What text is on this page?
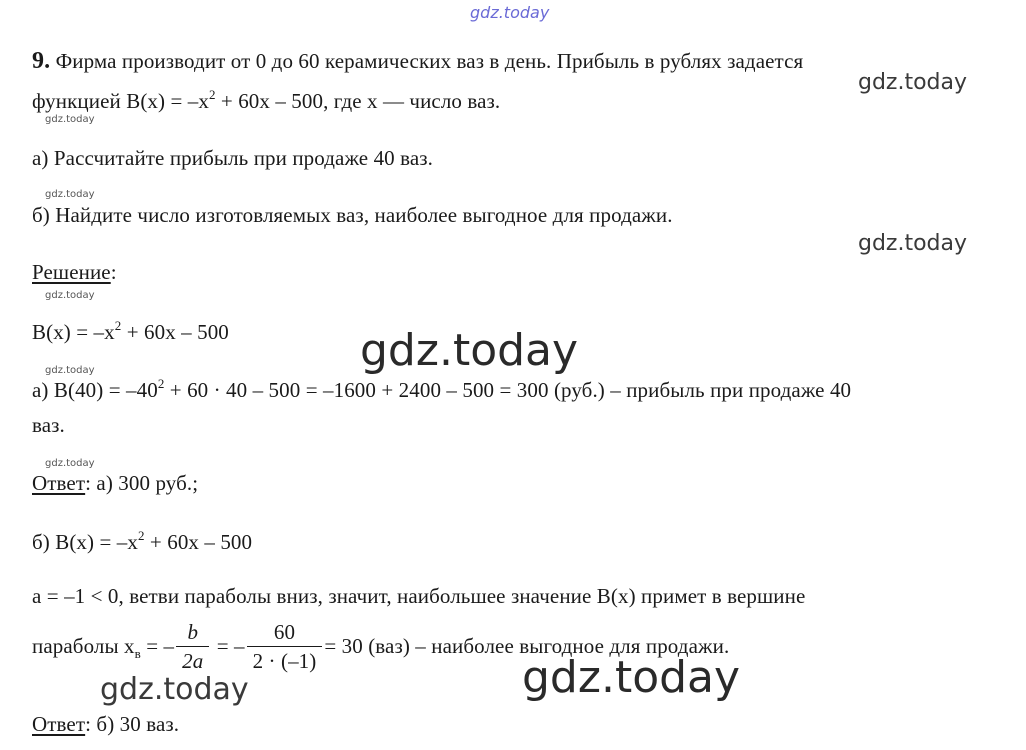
gdz.today
9. Фирма производит от 0 до 60 керамических ваз в день. Прибыль в рублях задается
функцией $B(x) = -x^2 + 60x - 500$, где x — число ваз.
gdz.today
gdz.today
а) Рассчитайте прибыль при продаже 40 ваз.
gdz.today
б) Найдите число изготовляемых ваз, наиболее выгодное для продажи.
gdz.today
Решение:
gdz.today
$B(x) = -x^2 + 60x - 500$	gdz.today
gdz.today
а) $B(40) = -40^2 + 60 \cdot 40 - 500 = -1600 + 2400 - 500 = 300$ (руб.) – прибыль при продаже 40
ваз.
gdz.today
Ответ: а) 300 руб.;
б) $B(x) = -x^2 + 60x - 500$
a = –1 < 0, ветви параболы вниз, значит, наибольшее значение B(x) примет в вершине
параболы $x_в$ = – $\frac{b}{2a}$ = – $\frac{60}{2 \cdot (-1)} = 30$ (ваз) – наиболее выгодное для продажи.
gdz.today	gdz.today
Ответ: б) 30 ваз.
